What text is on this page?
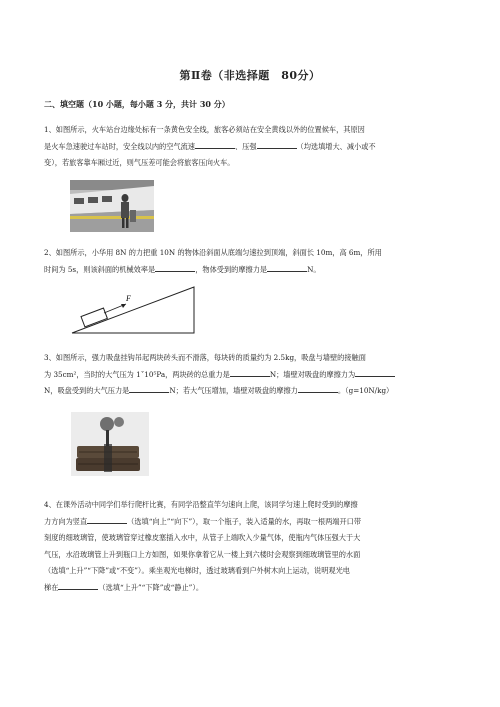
第Ⅱ卷（非选择题　80分）
二、填空题（10 小题，每小题 3 分，共计 30 分）
1、如图所示，火车站台边缘处标有一条黄色安全线，旅客必须站在安全黄线以外的位置候车，其原因
是火车急速驶过车站时，安全线以内的空气流速	、压强	（均选填增大、减小或不
变），若旅客靠车厢过近，则气压差可能会将旅客压向火车。
2、如图所示，小华用 8N 的力把重 10N 的物体沿斜面从底端匀速拉到顶端，斜面长 10m，高 6m，所用
时间为 5s，则该斜面的机械效率是	，物体受到的摩擦力是	N。
F
3、如图所示，强力吸盘挂钩吊起两块砖头而不滑落，每块砖的质量约为 2.5kg，吸盘与墙壁的接触面
为 35cm²，当时的大气压为 1ˇ10⁵Pa，两块砖的总重力是	N；墙壁对吸盘的摩擦力为
N，吸盘受到的大气压力是	N；若大气压增加，墙壁对吸盘的摩擦力	。（g=10N/kg）
4、在课外活动中同学们举行爬杆比赛，有同学沿整直竿匀速向上爬，该同学匀速上爬时受到的摩擦
力方向为竖直	（选填“向上”“向下”），取一个瓶子，装入适量的水，再取一根两端开口带
刻度的细玻璃管，使玻璃管穿过橡皮塞插入水中，从管子上端吹入少量气体，使瓶内气体压强大于大
气压，水沿玻璃管上升到瓶口上方如图，如果你拿着它从一楼上到六楼时会观察到细玻璃管里的水面
（选填“上升”“下降”或“不变”）。乘坐观光电梯时，透过玻璃看到户外树木向上运动，说明观光电
梯在	（选填“上升”“下降”或“静止”）。
